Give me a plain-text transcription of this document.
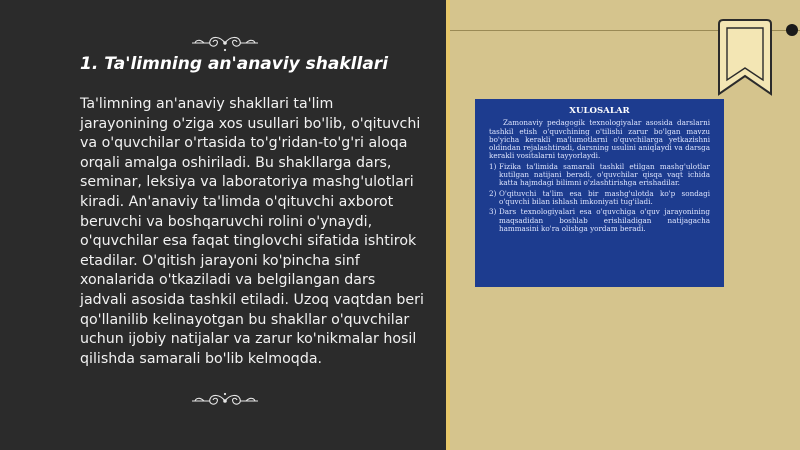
1. Ta'limning an'anaviy shakllari

Ta'limning an'anaviy shakllari ta'lim jarayonining o'ziga xos usullari bo'lib, o'qituvchi va o'quvchilar o'rtasida to'g'ridan-to'g'ri aloqa orqali amalga oshiriladi. Bu shakllarga dars, seminar, leksiya va laboratoriya mashg'ulotlari kiradi. An'anaviy ta'limda o'qituvchi axborot beruvchi va boshqaruvchi rolini o'ynaydi, o'quvchilar esa faqat tinglovchi sifatida ishtirok etadilar. O'qitish jarayoni ko'pincha sinf xonalarida o'tkaziladi va belgilangan dars jadvali asosida tashkil etiladi. Uzoq vaqtdan beri qo'llanilib kelinayotgan bu shakllar o'quvchilar uchun ijobiy natijalar va zarur ko'nikmalar hosil qilishda samarali bo'lib kelmoqda.

XULOSALAR

Zamonaviy pedagogik texnologiyalar asosida darslarni tashkil etish o'quvchining o'tilishi zarur bo'lgan mavzu bo'yicha kerakli ma'lumotlarni o'quvchilarga yetkazishni oldindan rejalashtiradi, darsning usulini aniqlaydi va darsga kerakli vositalarni tayyorlaydi.

1) Fizika ta'limida samarali tashkil etilgan mashg'ulotlar kutilgan natijani beradi, o'quvchilar qisqa vaqt ichida katta hajmdagi bilimni o'zlashtirishga erishadilar.
2) O'qituvchi ta'lim esa bir mashg'ulotda ko'p sondagi o'quvchi bilan ishlash imkoniyati tug'iladi.
3) Dars texnologiyalari esa o'quvchiga o'quv jarayonining maqsadidan boshlab erishiladigan natijagacha hammasini ko'ra olishga yordam beradi.
